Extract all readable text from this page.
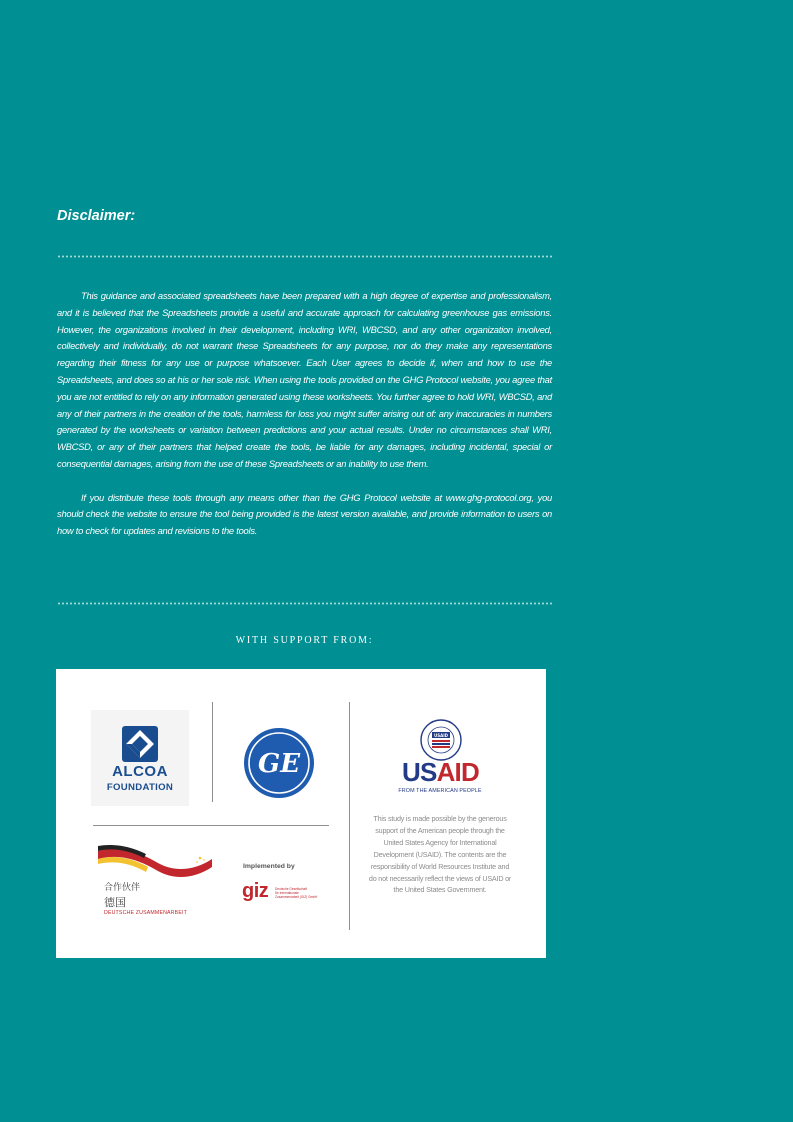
Disclaimer:

This guidance and associated spreadsheets have been prepared with a high degree of expertise and professionalism, and it is believed that the Spreadsheets provide a useful and accurate approach for calculating greenhouse gas emissions. However, the organizations involved in their development, including WRI, WBCSD, and any other organization involved, collectively and individually, do not warrant these Spreadsheets for any purpose, nor do they make any representations regarding their fitness for any use or purpose whatsoever. Each User agrees to decide if, when and how to use the Spreadsheets, and does so at his or her sole risk. When using the tools provided on the GHG Protocol website, you agree that you are not entitled to rely on any information generated using these worksheets. You further agree to hold WRI, WBCSD, and any of their partners in the creation of the tools, harmless for loss you might suffer arising out of: any inaccuracies in numbers generated by the worksheets or variation between predictions and your actual results. Under no circumstances shall WRI, WBCSD, or any of their partners that helped create the tools, be liable for any damages, including incidental, special or consequential damages, arising from the use of these Spreadsheets or an inability to use them.

If you distribute these tools through any means other than the GHG Protocol website at www.ghg-protocol.org, you should check the website to ensure the tool being provided is the latest version available, and provide information to users on how to check for updates and revisions to the tools.

WITH SUPPORT FROM:
ALCOA
FOUNDATION
GE
USAID
USAID
FROM THE AMERICAN PEOPLE
This study is made possible by the generous support of the American people through the United States Agency for International Development (USAID). The contents are the responsibility of World Resources Institute and do not necessarily reflect the views of USAID or the United States Government.
合作伙伴
德国
DEUTSCHE ZUSAMMENARBEIT
Implemented by
giz Deutsche Gesellschaft
für Internationale
Zusammenarbeit (GIZ) GmbH
